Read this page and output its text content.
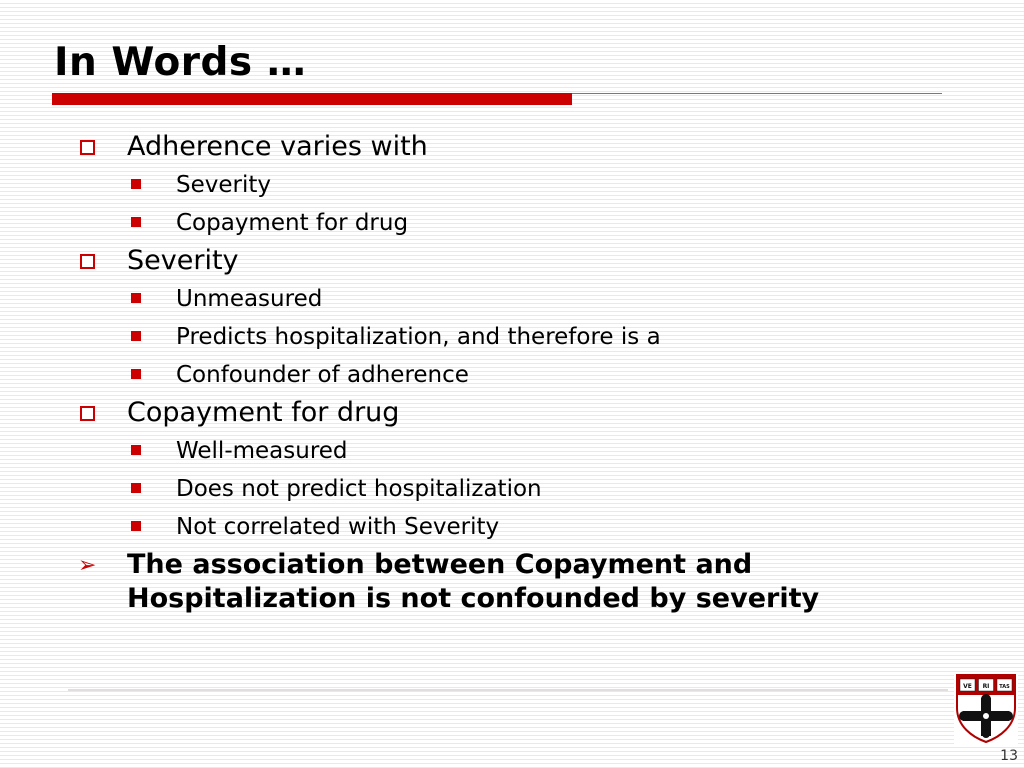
In Words …
Adherence varies with
Severity
Copayment for drug
Severity
Unmeasured
Predicts hospitalization, and therefore is a
Confounder of adherence
Copayment for drug
Well-measured
Does not predict hospitalization
Not correlated with Severity
➢ The association between Copayment and
Hospitalization is not confounded by severity
VE RI TAS
13
